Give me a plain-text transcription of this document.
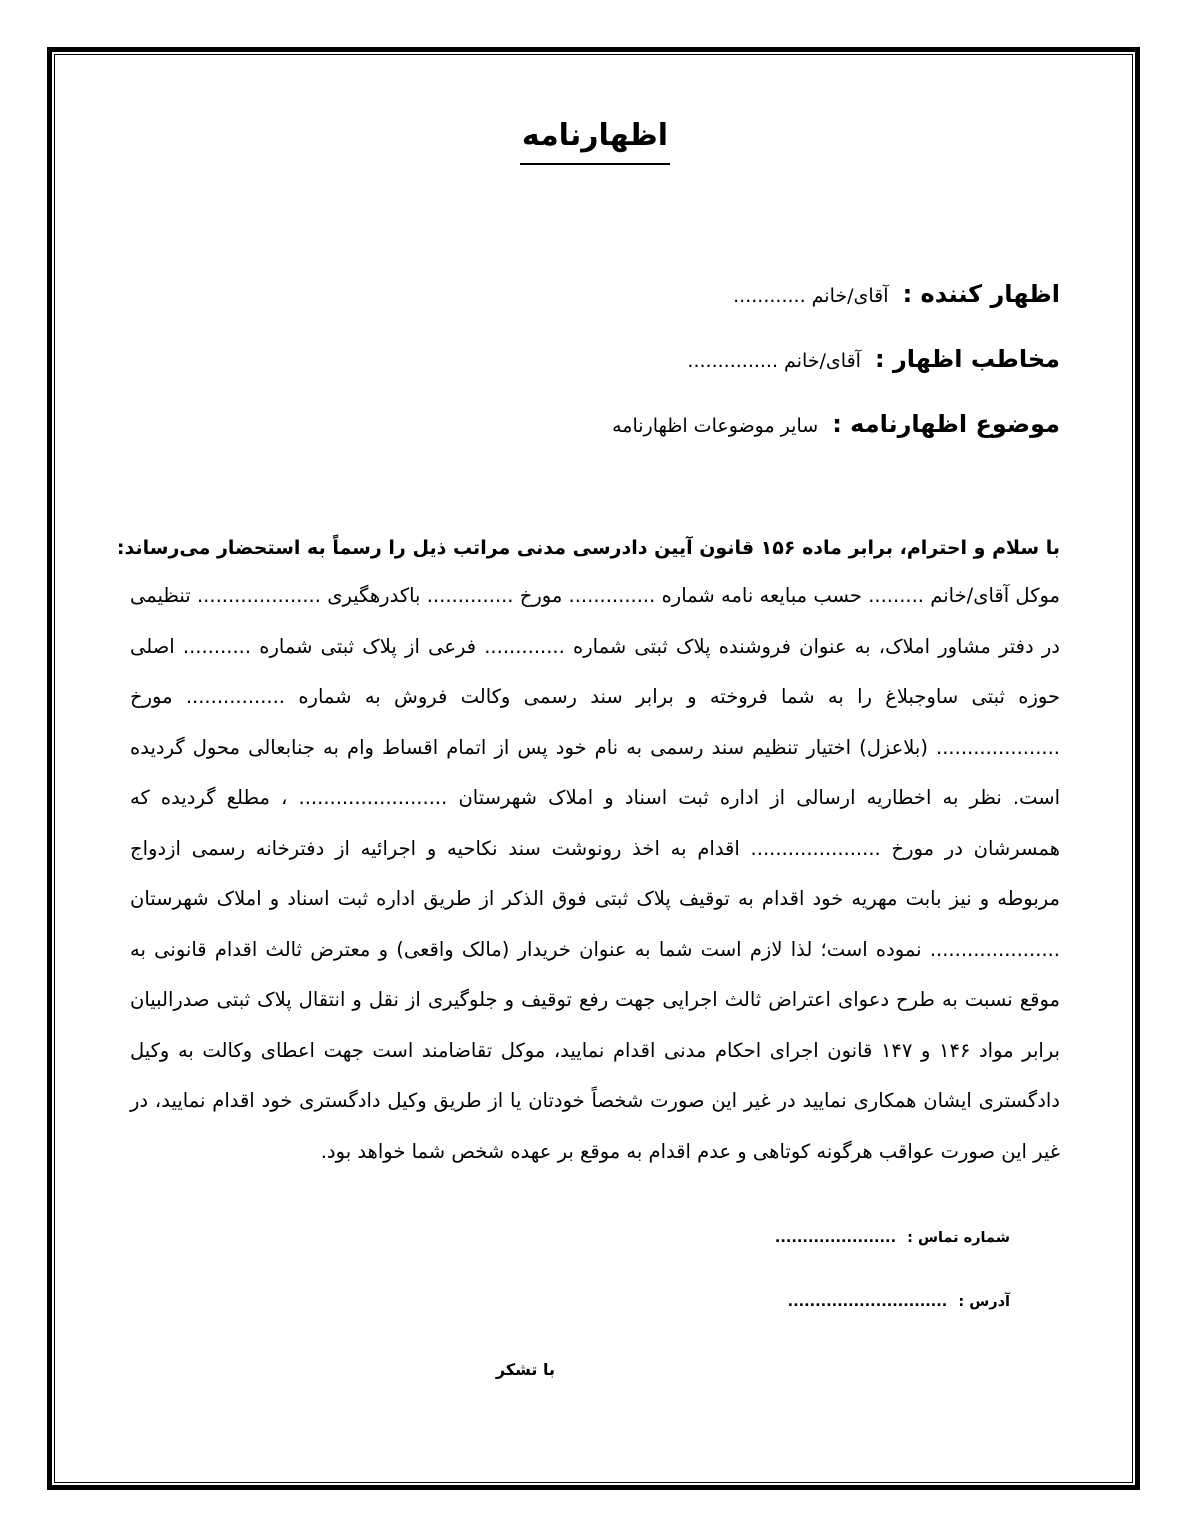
اظهارنامه
اظهار کننده : آقای/خانم ............
مخاطب اظهار : آقای/خانم ...............
موضوع اظهارنامه : سایر موضوعات اظهارنامه
با سلام و احترام، برابر ماده ۱۵۶ قانون آیین دادرسی مدنی مراتب ذیل را رسماً به استحضار می‌رساند:
موکل آقای/خانم ......... حسب مبایعه نامه شماره .............. مورخ .............. باکدرهگیری .................... تنظیمی در دفتر مشاور املاک، به عنوان فروشنده پلاک ثبتی شماره ............. فرعی از پلاک ثبتی شماره ........... اصلی حوزه ثبتی ساوجبلاغ را به شما فروخته و برابر سند رسمی وکالت فروش به شماره ................ مورخ .................... (بلاعزل) اختیار تنظیم سند رسمی به نام خود پس از اتمام اقساط وام به جنابعالی محول گردیده است. نظر به اخطاریه ارسالی از اداره ثبت اسناد و املاک شهرستان ........................ ، مطلع گردیده که همسرشان در مورخ ..................... اقدام به اخذ رونوشت سند نکاحیه و اجرائیه از دفترخانه رسمی ازدواج مربوطه و نیز بابت مهریه خود اقدام به توقیف پلاک ثبتی فوق الذکر از طریق اداره ثبت اسناد و املاک شهرستان ..................... نموده است؛ لذا لازم است شما به عنوان خریدار (مالک واقعی) و معترض ثالث اقدام قانونی به موقع نسبت به طرح دعوای اعتراض ثالث اجرایی جهت رفع توقیف و جلوگیری از نقل و انتقال پلاک ثبتی صدرالبیان برابر مواد ۱۴۶ و ۱۴۷ قانون اجرای احکام مدنی اقدام نمایید، موکل تقاضامند است جهت اعطای وکالت به وکیل دادگستری ایشان همکاری نمایید در غیر این صورت شخصاً خودتان یا از طریق وکیل دادگستری خود اقدام نمایید، در غیر این صورت عواقب هرگونه کوتاهی و عدم اقدام به موقع بر عهده شخص شما خواهد بود.
شماره تماس : ......................
آدرس : .............................
با تشکر
